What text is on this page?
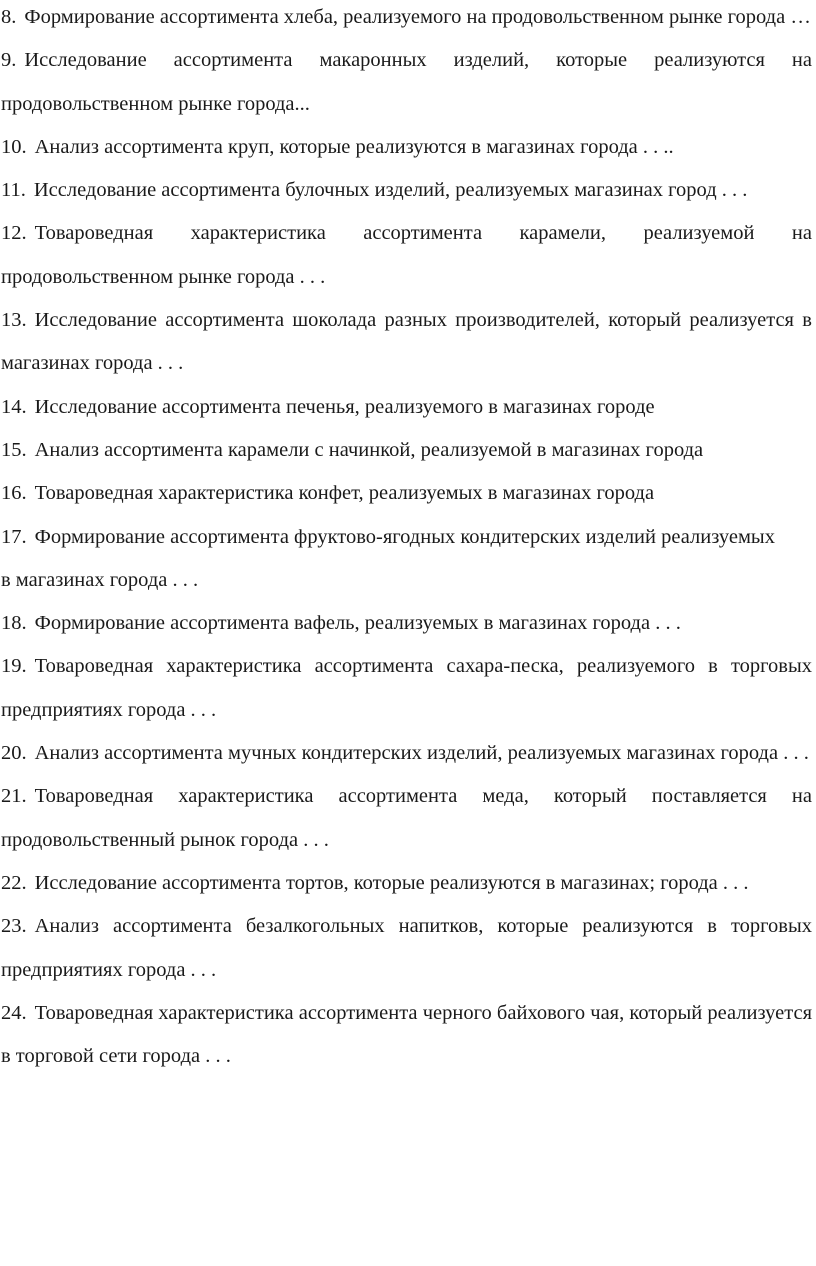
8. Формирование ассортимента хлеба, реализуемого на продовольственном рынке города …
9. Исследование ассортимента макаронных изделий, которые реализуются на продовольственном рынке города...
10. Анализ ассортимента круп, которые реализуются в магазинах города . . ..
11. Исследование ассортимента булочных изделий, реализуемых магазинах город . . .
12. Товароведная характеристика ассортимента карамели, реализуемой на продовольственном рынке города . . .
13. Исследование ассортимента шоколада разных производителей, который реализуется в магазинах города . . .
14. Исследование ассортимента печенья, реализуемого в магазинах городе
15. Анализ ассортимента карамели с начинкой, реализуемой в магазинах города
16. Товароведная характеристика конфет, реализуемых в магазинах города
17. Формирование ассортимента фруктово-ягодных кондитерских изделий реализуемых в магазинах города . . .
18. Формирование ассортимента вафель, реализуемых в магазинах города . . .
19. Товароведная характеристика ассортимента сахара-песка, реализуемого в торговых предприятиях города . . .
20. Анализ ассортимента мучных кондитерских изделий, реализуемых магазинах города . . .
21. Товароведная характеристика ассортимента меда, который поставляется на продовольственный рынок города . . .
22. Исследование ассортимента тортов, которые реализуются в магазинах; города . . .
23. Анализ ассортимента безалкогольных напитков, которые реализуются в торговых предприятиях города . . .
24. Товароведная характеристика ассортимента черного байхового чая, который реализуется в торговой сети города . . .
